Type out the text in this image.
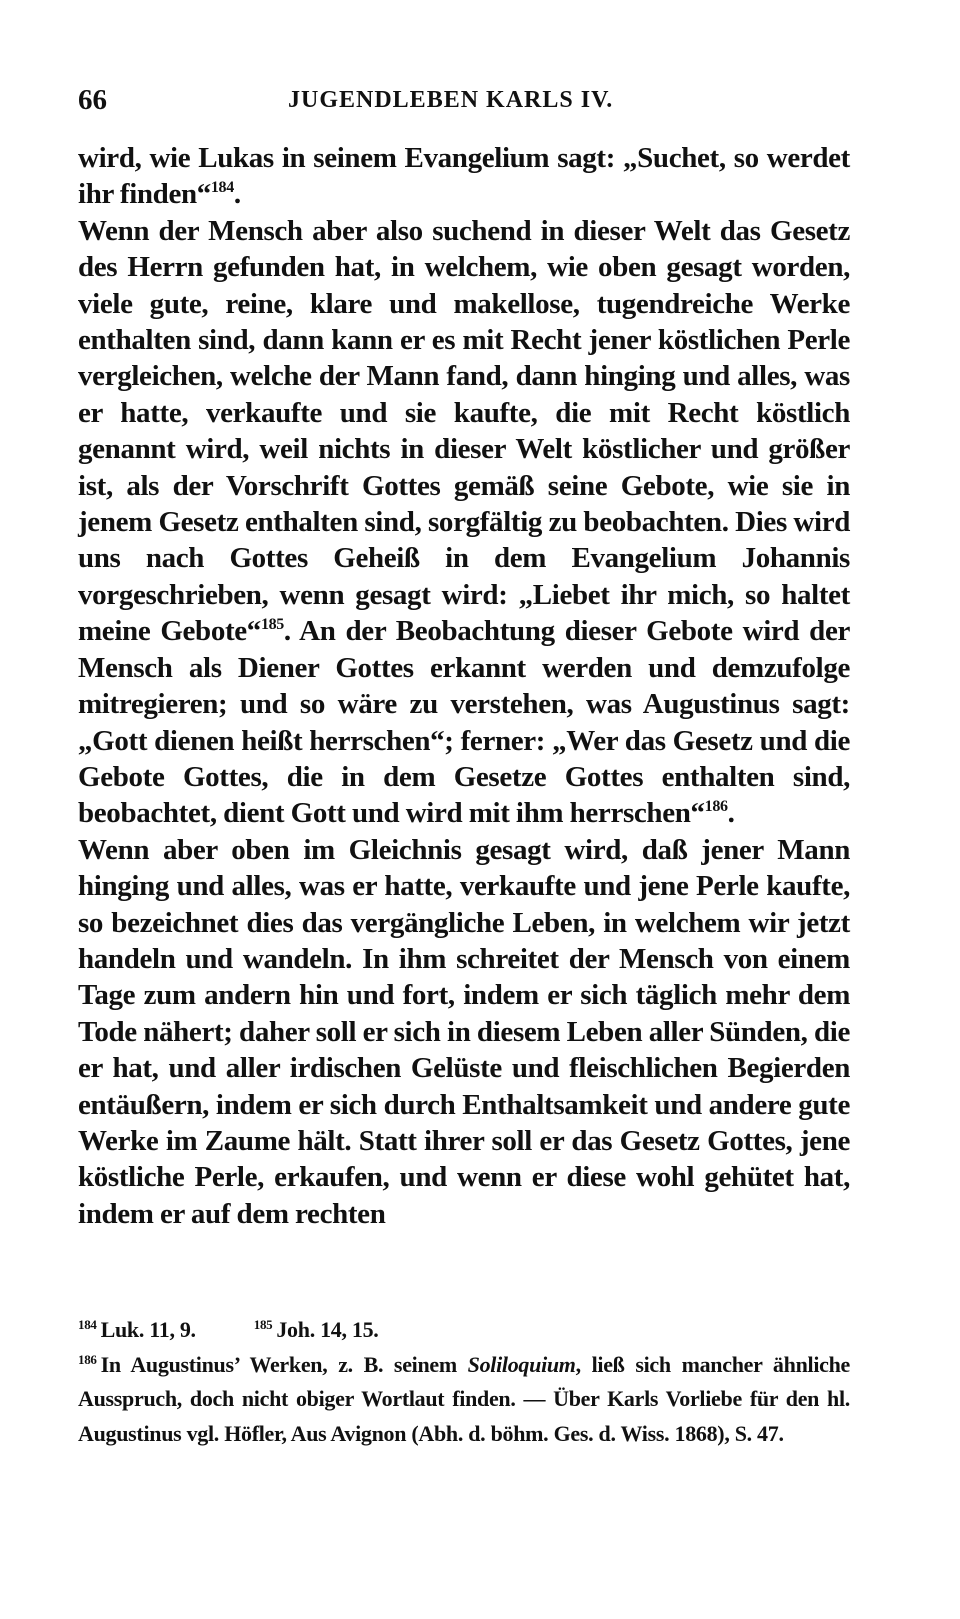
66	JUGENDLEBEN KARLS IV.

wird, wie Lukas in seinem Evangelium sagt: „Suchet, so werdet ihr finden“$^{184}$.

Wenn der Mensch aber also suchend in dieser Welt das Gesetz des Herrn gefunden hat, in welchem, wie oben gesagt worden, viele gute, reine, klare und makellose, tugendreiche Werke enthalten sind, dann kann er es mit Recht jener köstlichen Perle vergleichen, welche der Mann fand, dann hinging und alles, was er hatte, verkaufte und sie kaufte, die mit Recht köstlich genannt wird, weil nichts in dieser Welt köstlicher und größer ist, als der Vorschrift Gottes gemäß seine Gebote, wie sie in jenem Gesetz enthalten sind, sorgfältig zu beobachten. Dies wird uns nach Gottes Geheiß in dem Evangelium Johannis vorgeschrieben, wenn gesagt wird: „Liebet ihr mich, so haltet meine Gebote“$^{185}$. An der Beobachtung dieser Gebote wird der Mensch als Diener Gottes erkannt werden und demzufolge mitregieren; und so wäre zu verstehen, was Augustinus sagt: „Gott dienen heißt herrschen“; ferner: „Wer das Gesetz und die Gebote Gottes, die in dem Gesetze Gottes enthalten sind, beobachtet, dient Gott und wird mit ihm herrschen“$^{186}$.

Wenn aber oben im Gleichnis gesagt wird, daß jener Mann hinging und alles, was er hatte, verkaufte und jene Perle kaufte, so bezeichnet dies das vergängliche Leben, in welchem wir jetzt handeln und wandeln. In ihm schreitet der Mensch von einem Tage zum andern hin und fort, indem er sich täglich mehr dem Tode nähert; daher soll er sich in diesem Leben aller Sünden, die er hat, und aller irdischen Gelüste und fleischlichen Begierden entäußern, indem er sich durch Enthaltsamkeit und andere gute Werke im Zaume hält. Statt ihrer soll er das Gesetz Gottes, jene köstliche Perle, erkaufen, und wenn er diese wohl gehütet hat, indem er auf dem rechten

$^{184}$ Luk. 11, 9.	$^{185}$ Joh. 14, 15.

$^{186}$ In Augustinus’ Werken, z. B. seinem Soliloquium, ließ sich mancher ähnliche Ausspruch, doch nicht obiger Wortlaut finden. — Über Karls Vorliebe für den hl. Augustinus vgl. Höfler, Aus Avignon (Abh. d. böhm. Ges. d. Wiss. 1868), S. 47.
